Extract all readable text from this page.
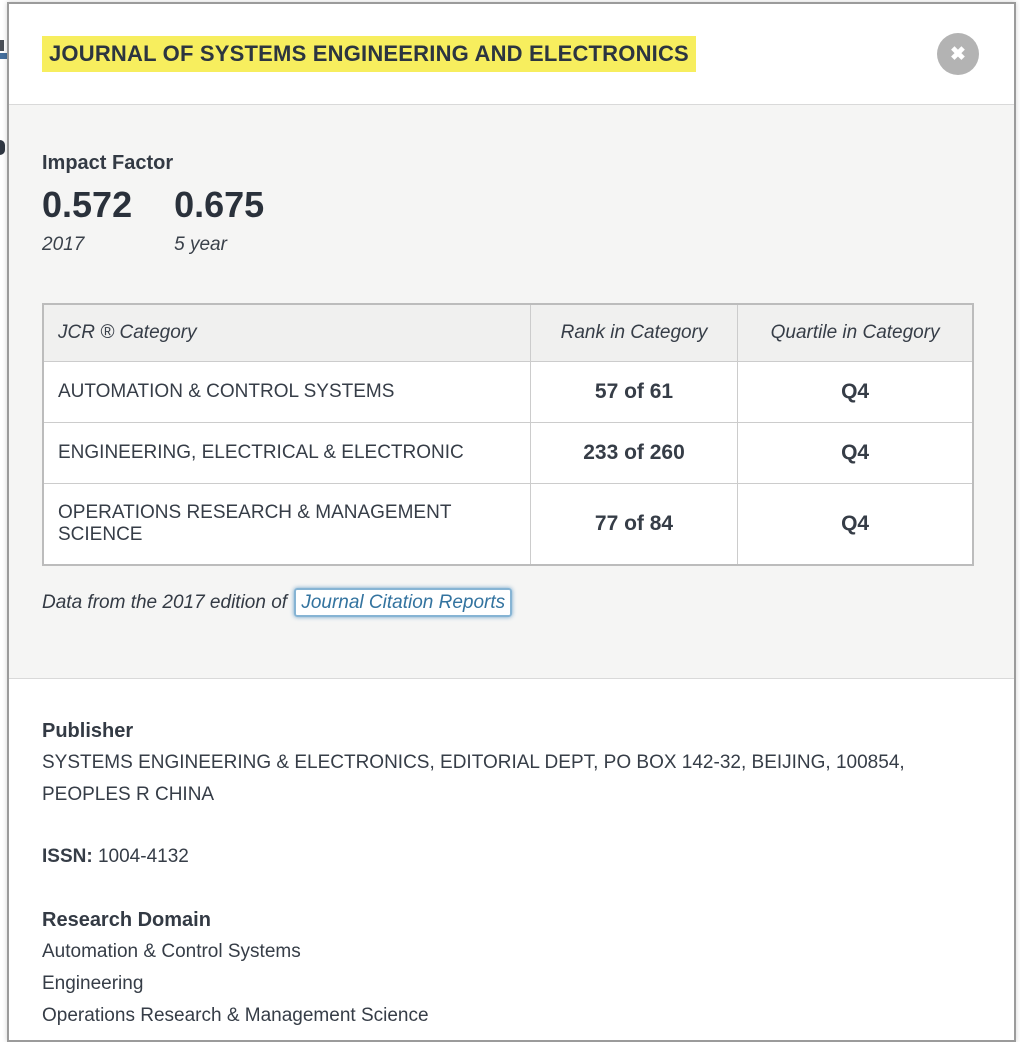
JOURNAL OF SYSTEMS ENGINEERING AND ELECTRONICS	✖
Impact Factor
0.572
2017
0.675
5 year
JCR ® Category	Rank in Category	Quartile in Category
AUTOMATION & CONTROL SYSTEMS	57 of 61	Q4
ENGINEERING, ELECTRICAL & ELECTRONIC	233 of 260	Q4
OPERATIONS RESEARCH & MANAGEMENT SCIENCE	77 of 84	Q4
Data from the 2017 edition of Journal Citation Reports
Publisher
SYSTEMS ENGINEERING & ELECTRONICS, EDITORIAL DEPT, PO BOX 142-32, BEIJING, 100854, PEOPLES R CHINA
ISSN: 1004-4132
Research Domain
Automation & Control Systems
Engineering
Operations Research & Management Science
